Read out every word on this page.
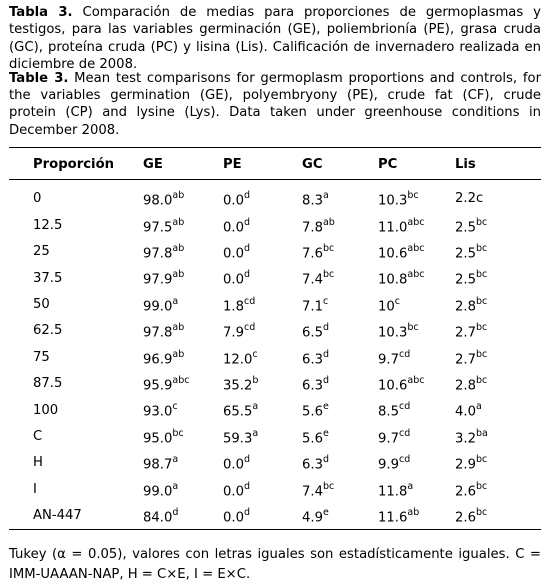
Tabla 3. Comparación de medias para proporciones de germoplasmas y testigos, para las variables germinación (GE), poliembrionía (PE), grasa cruda (GC), proteína cruda (PC) y lisina (Lis). Calificación de invernadero realizada en diciembre de 2008.

Table 3. Mean test comparisons for germoplasm proportions and controls, for the variables germination (GE), polyembryony (PE), crude fat (CF), crude protein (CP) and lysine (Lys). Data taken under greenhouse conditions in December 2008.

Proporción	GE	PE	GC	PC	Lis

0	98.0$^{ab}$	0.0$^d$	8.3$^a$	10.3$^{bc}$	2.2c
12.5	97.5$^{ab}$	0.0$^d$	7.8$^{ab}$	11.0$^{abc}$	2.5$^{bc}$
25	97.8$^{ab}$	0.0$^d$	7.6$^{bc}$	10.6$^{abc}$	2.5$^{bc}$
37.5	97.9$^{ab}$	0.0$^d$	7.4$^{bc}$	10.8$^{abc}$	2.5$^{bc}$
50	99.0$^a$	1.8$^{cd}$	7.1$^c$	10$^c$	2.8$^{bc}$
62.5	97.8$^{ab}$	7.9$^{cd}$	6.5$^d$	10.3$^{bc}$	2.7$^{bc}$
75	96.9$^{ab}$	12.0$^c$	6.3$^d$	9.7$^{cd}$	2.7$^{bc}$
87.5	95.9$^{abc}$	35.2$^b$	6.3$^d$	10.6$^{abc}$	2.8$^{bc}$
100	93.0$^c$	65.5$^a$	5.6e	8.5$^{cd}$	4.0$^a$
C	95.0$^{bc}$	59.3$^a$	5.6e	9.7$^{cd}$	3.2$^{ba}$
H	98.7$^a$	0.0$^d$	6.3$^d$	9.9$^{cd}$	2.9$^{bc}$
I	99.0$^a$	0.0$^d$	7.4$^{bc}$	11.8$^a$	2.6$^{bc}$
AN-447	84.0$^d$	0.0$^d$	4.9e	11.6$^{ab}$	2.6$^{bc}$
Tukey (α = 0.05), valores con letras iguales son estadísticamente iguales. C = IMM-UAAAN-NAP, H = C×E, I = E×C.
